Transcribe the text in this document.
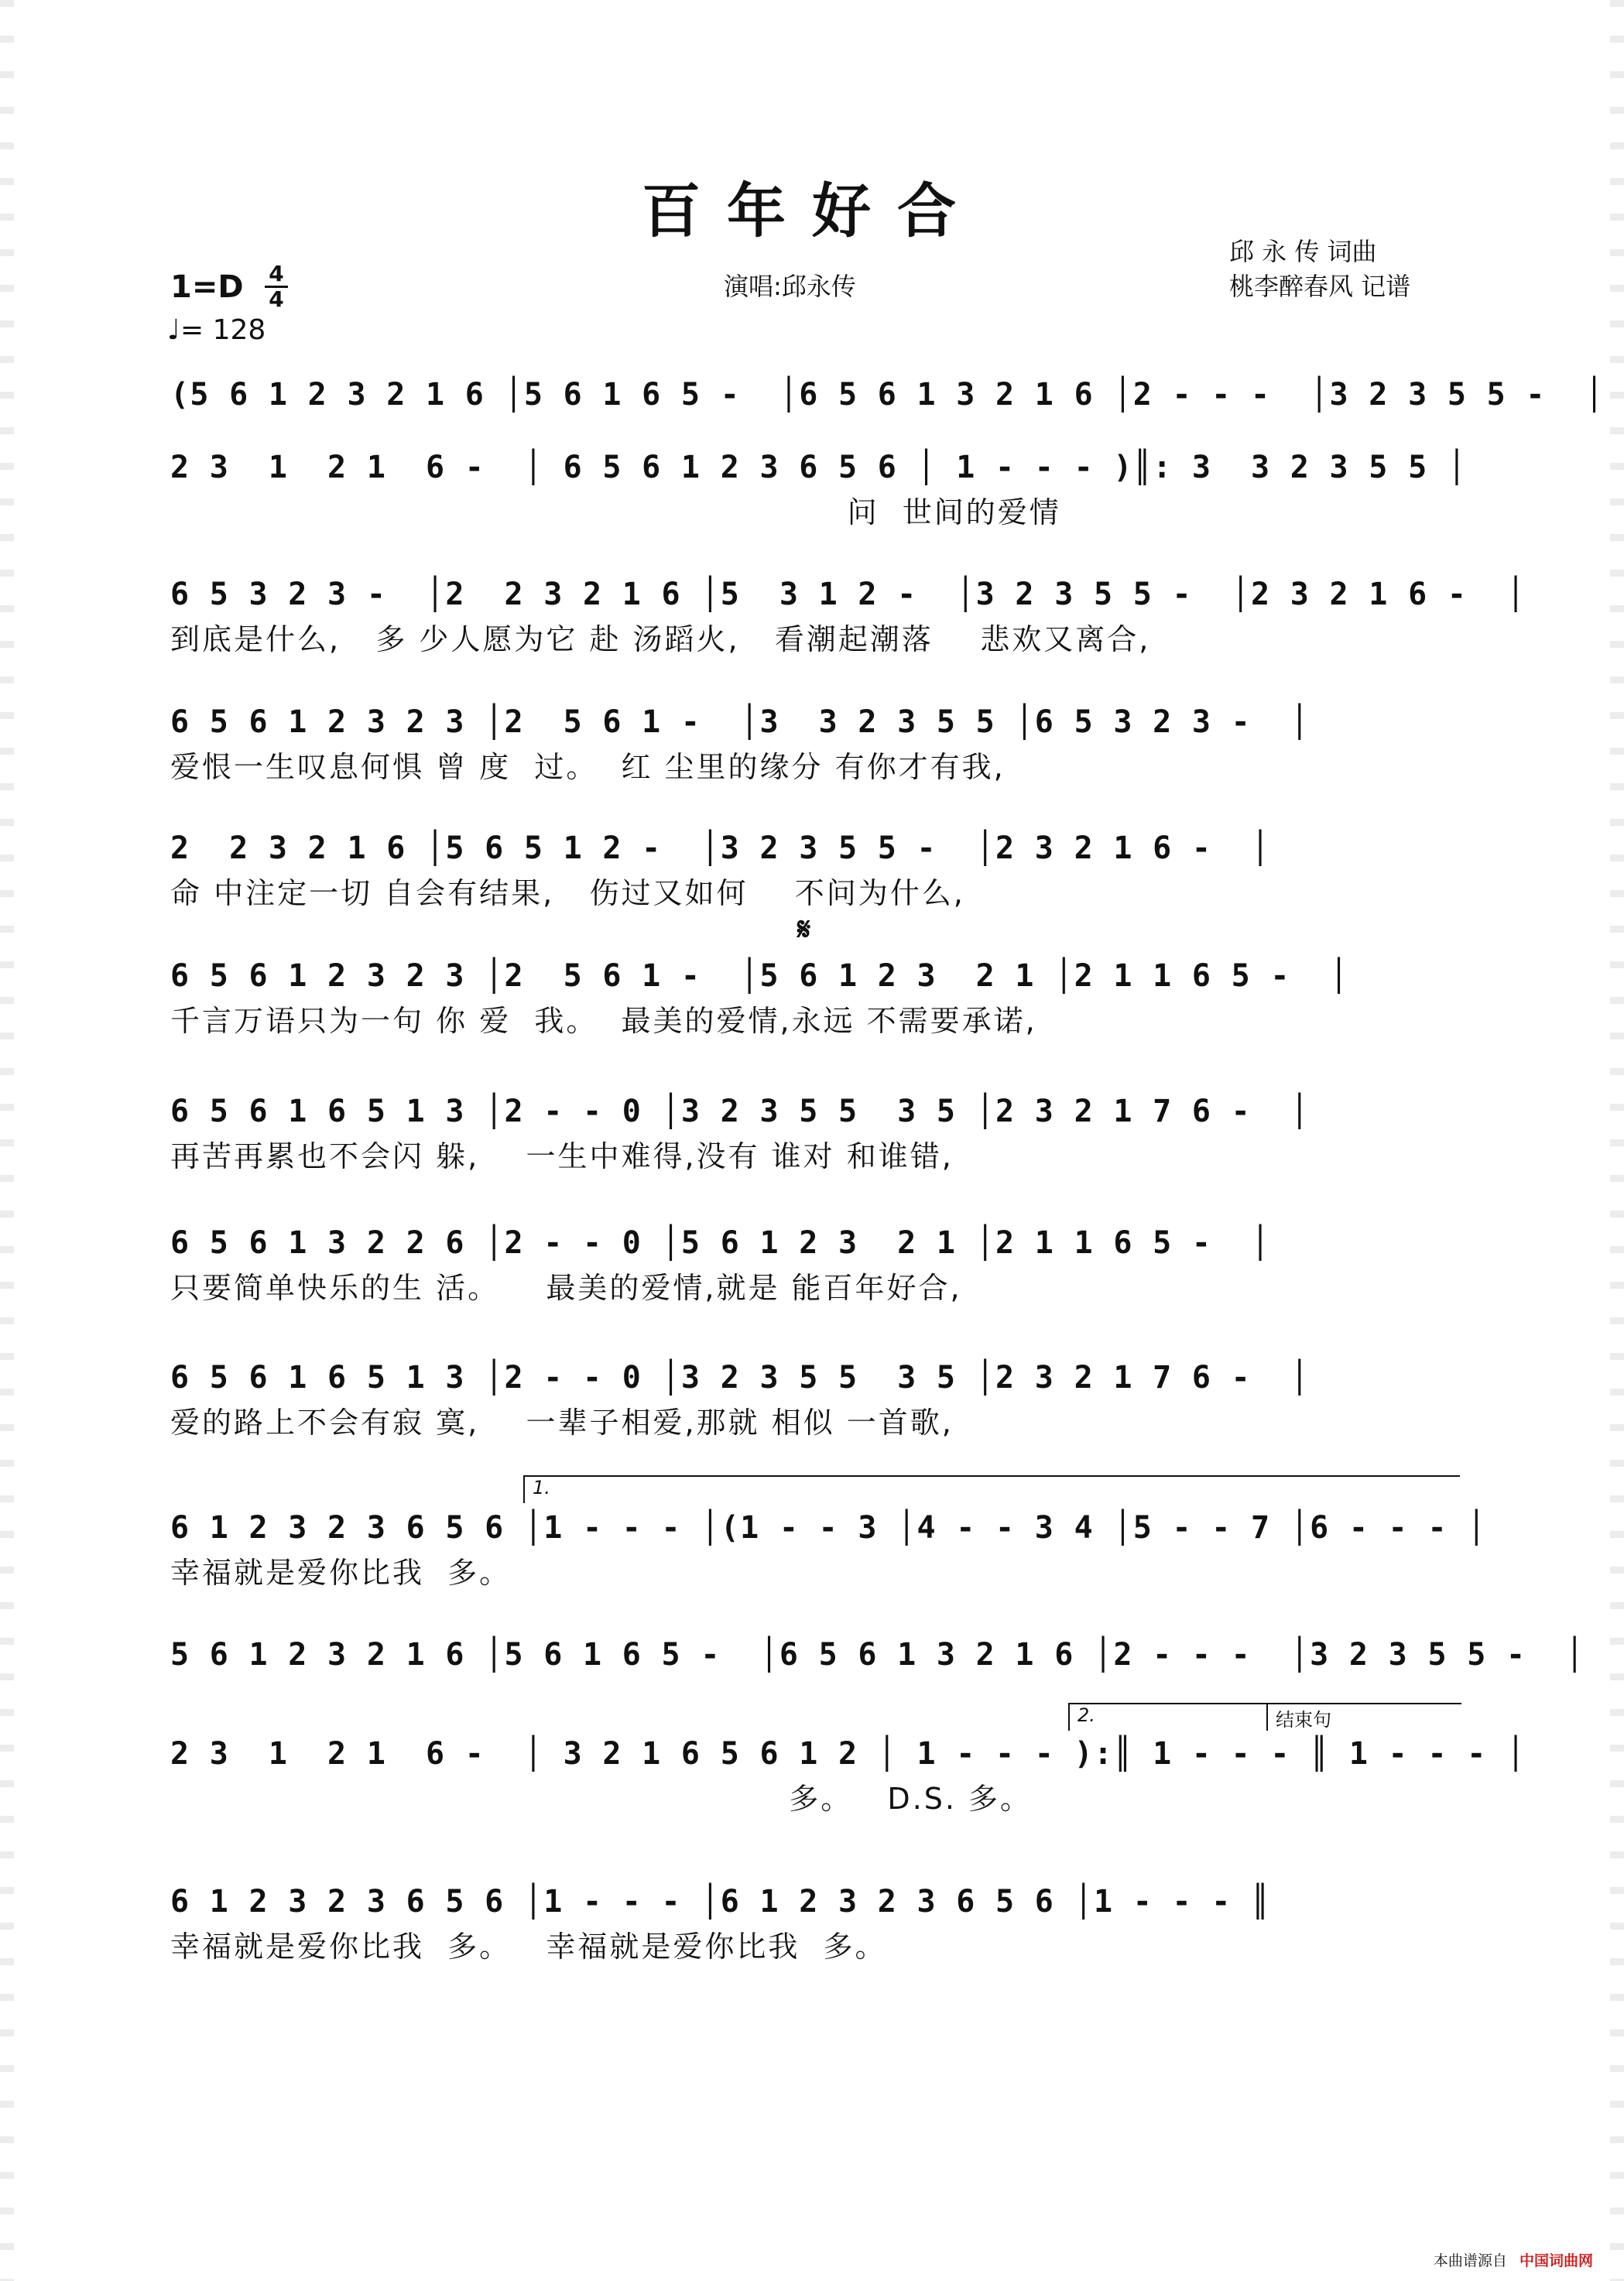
百年好合
邱 永 传 词曲
桃李醉春风 记谱
演唱:邱永传
1=D 4
4
♩= 128
𝄋
1.
2.	结束句
(5 6 1 2 3 2 1 6 │5 6 1 6 5 -  │6 5 6 1 3 2 1 6 │2 - - -  │3 2 3 5 5 -  │
2 3  1  2 1  6 -  │ 6 5 6 1 2 3 6 5 6 │ 1 - - - )║: 3  3 2 3 5 5 │
问  世间的爱情
6 5 3 2 3 -  │2  2 3 2 1 6 │5  3 1 2 -  │3 2 3 5 5 -  │2 3 2 1 6 -  │
到底是什么,   多 少人愿为它 赴 汤蹈火,   看潮起潮落    悲欢又离合,
6 5 6 1 2 3 2 3 │2  5 6 1 -  │3  3 2 3 5 5 │6 5 3 2 3 -  │
爱恨一生叹息何惧 曾 度  过。  红 尘里的缘分 有你才有我,
2  2 3 2 1 6 │5 6 5 1 2 -  │3 2 3 5 5 -  │2 3 2 1 6 -  │
命 中注定一切 自会有结果,   伤过又如何    不问为什么,
6 5 6 1 2 3 2 3 │2  5 6 1 -  │5 6 1 2 3  2 1 │2 1 1 6 5 -  │
千言万语只为一句 你 爱  我。  最美的爱情,永远 不需要承诺,
6 5 6 1 6 5 1 3 │2 - - 0 │3 2 3 5 5  3 5 │2 3 2 1 7 6 -  │
再苦再累也不会闪 躲,    一生中难得,没有 谁对 和谁错,
6 5 6 1 3 2 2 6 │2 - - 0 │5 6 1 2 3  2 1 │2 1 1 6 5 -  │
只要简单快乐的生 活。    最美的爱情,就是 能百年好合,
6 5 6 1 6 5 1 3 │2 - - 0 │3 2 3 5 5  3 5 │2 3 2 1 7 6 -  │
爱的路上不会有寂 寞,    一辈子相爱,那就 相似 一首歌,
6 1 2 3 2 3 6 5 6 │1 - - - │(1 - - 3 │4 - - 3 4 │5 - - 7 │6 - - - │
幸福就是爱你比我  多。
5 6 1 2 3 2 1 6 │5 6 1 6 5 -  │6 5 6 1 3 2 1 6 │2 - - -  │3 2 3 5 5 -  │
2 3  1  2 1  6 -  │ 3 2 1 6 5 6 1 2 │ 1 - - - ):║ 1 - - - ║ 1 - - - │
多。   D.S. 多。
6 1 2 3 2 3 6 5 6 │1 - - - │6 1 2 3 2 3 6 5 6 │1 - - - ║
幸福就是爱你比我  多。   幸福就是爱你比我  多。
本曲谱源自 中国词曲网
